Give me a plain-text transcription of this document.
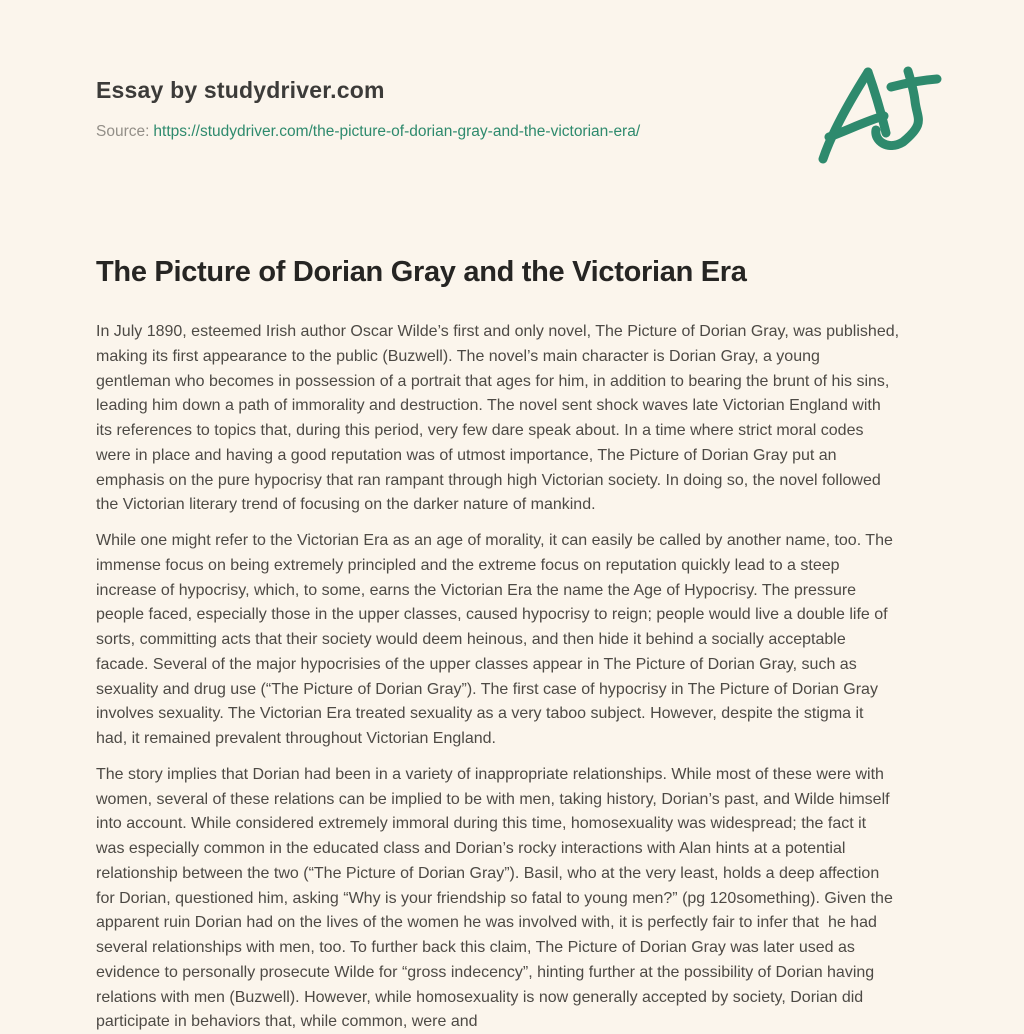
Essay by studydriver.com
Source: https://studydriver.com/the-picture-of-dorian-gray-and-the-victorian-era/
The Picture of Dorian Gray and the Victorian Era

In July 1890, esteemed Irish author Oscar Wilde’s first and only novel, The Picture of Dorian Gray, was published,
making its first appearance to the public (Buzwell). The novel’s main character is Dorian Gray, a young
gentleman who becomes in possession of a portrait that ages for him, in addition to bearing the brunt of his sins,
leading him down a path of immorality and destruction. The novel sent shock waves late Victorian England with
its references to topics that, during this period, very few dare speak about. In a time where strict moral codes
were in place and having a good reputation was of utmost importance, The Picture of Dorian Gray put an
emphasis on the pure hypocrisy that ran rampant through high Victorian society. In doing so, the novel followed
the Victorian literary trend of focusing on the darker nature of mankind.

While one might refer to the Victorian Era as an age of morality, it can easily be called by another name, too. The
immense focus on being extremely principled and the extreme focus on reputation quickly lead to a steep
increase of hypocrisy, which, to some, earns the Victorian Era the name the Age of Hypocrisy. The pressure
people faced, especially those in the upper classes, caused hypocrisy to reign; people would live a double life of
sorts, committing acts that their society would deem heinous, and then hide it behind a socially acceptable
facade. Several of the major hypocrisies of the upper classes appear in The Picture of Dorian Gray, such as
sexuality and drug use (“The Picture of Dorian Gray”). The first case of hypocrisy in The Picture of Dorian Gray
involves sexuality. The Victorian Era treated sexuality as a very taboo subject. However, despite the stigma it
had, it remained prevalent throughout Victorian England.

The story implies that Dorian had been in a variety of inappropriate relationships. While most of these were with
women, several of these relations can be implied to be with men, taking history, Dorian’s past, and Wilde himself
into account. While considered extremely immoral during this time, homosexuality was widespread; the fact it
was especially common in the educated class and Dorian’s rocky interactions with Alan hints at a potential
relationship between the two (“The Picture of Dorian Gray”). Basil, who at the very least, holds a deep affection
for Dorian, questioned him, asking “Why is your friendship so fatal to young men?” (pg 120something). Given the
apparent ruin Dorian had on the lives of the women he was involved with, it is perfectly fair to infer that  he had
several relationships with men, too. To further back this claim, The Picture of Dorian Gray was later used as
evidence to personally prosecute Wilde for “gross indecency”, hinting further at the possibility of Dorian having
relations with men (Buzwell). However, while homosexuality is now generally accepted by society, Dorian did
participate in behaviors that, while common, were and
